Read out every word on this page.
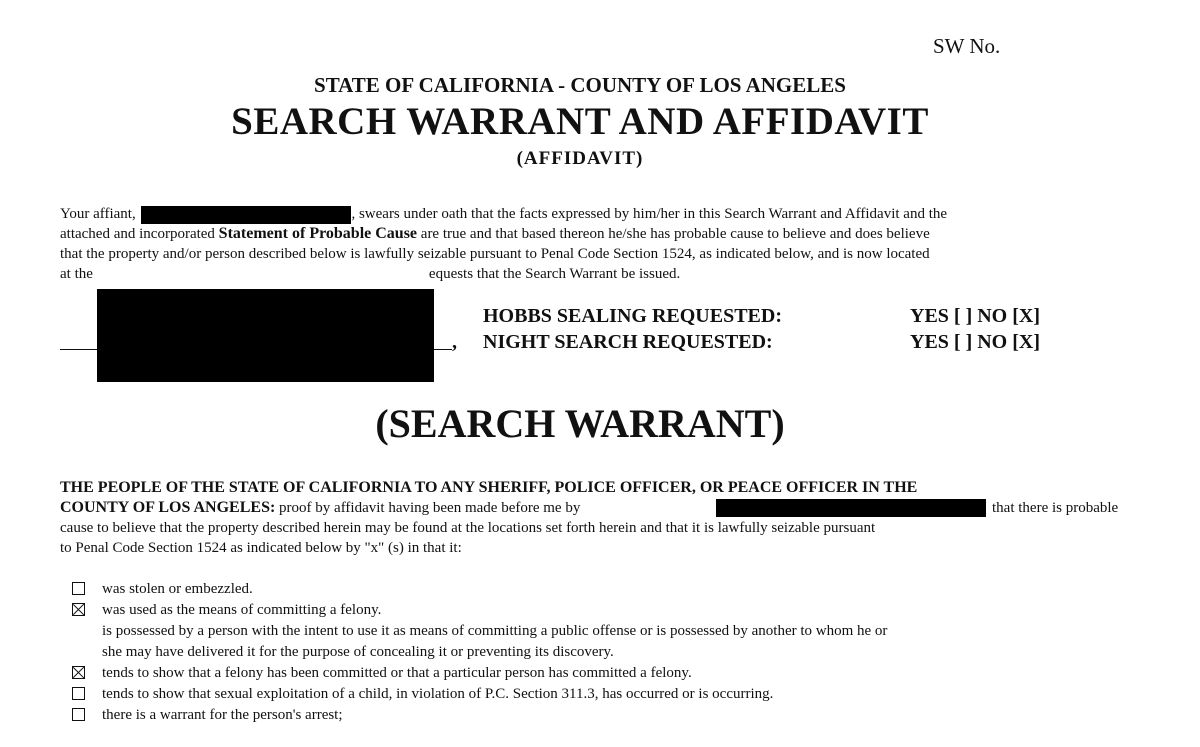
SW No.
STATE OF CALIFORNIA - COUNTY OF LOS ANGELES
SEARCH WARRANT AND AFFIDAVIT
(AFFIDAVIT)
Your affiant,	, swears under oath that the facts expressed by him/her in this Search Warrant and Affidavit and the
attached and incorporated Statement of Probable Cause are true and that based thereon he/she has probable cause to believe and does believe
that the property and/or person described below is lawfully seizable pursuant to Penal Code Section 1524, as indicated below, and is now located
at the	equests that the Search Warrant be issued.
HOBBS SEALING REQUESTED:	YES [ ] NO [X]
NIGHT SEARCH REQUESTED:	YES [ ] NO [X]
,
(SEARCH WARRANT)
THE PEOPLE OF THE STATE OF CALIFORNIA TO ANY SHERIFF, POLICE OFFICER, OR PEACE OFFICER IN THE
COUNTY OF LOS ANGELES: proof by affidavit having been made before me by	that there is probable
cause to believe that the property described herein may be found at the locations set forth herein and that it is lawfully seizable pursuant
to Penal Code Section 1524 as indicated below by "x" (s) in that it:
was stolen or embezzled.
was used as the means of committing a felony.
is possessed by a person with the intent to use it as means of committing a public offense or is possessed by another to whom he or
she may have delivered it for the purpose of concealing it or preventing its discovery.
tends to show that a felony has been committed or that a particular person has committed a felony.
tends to show that sexual exploitation of a child, in violation of P.C. Section 311.3, has occurred or is occurring.
there is a warrant for the person's arrest;
